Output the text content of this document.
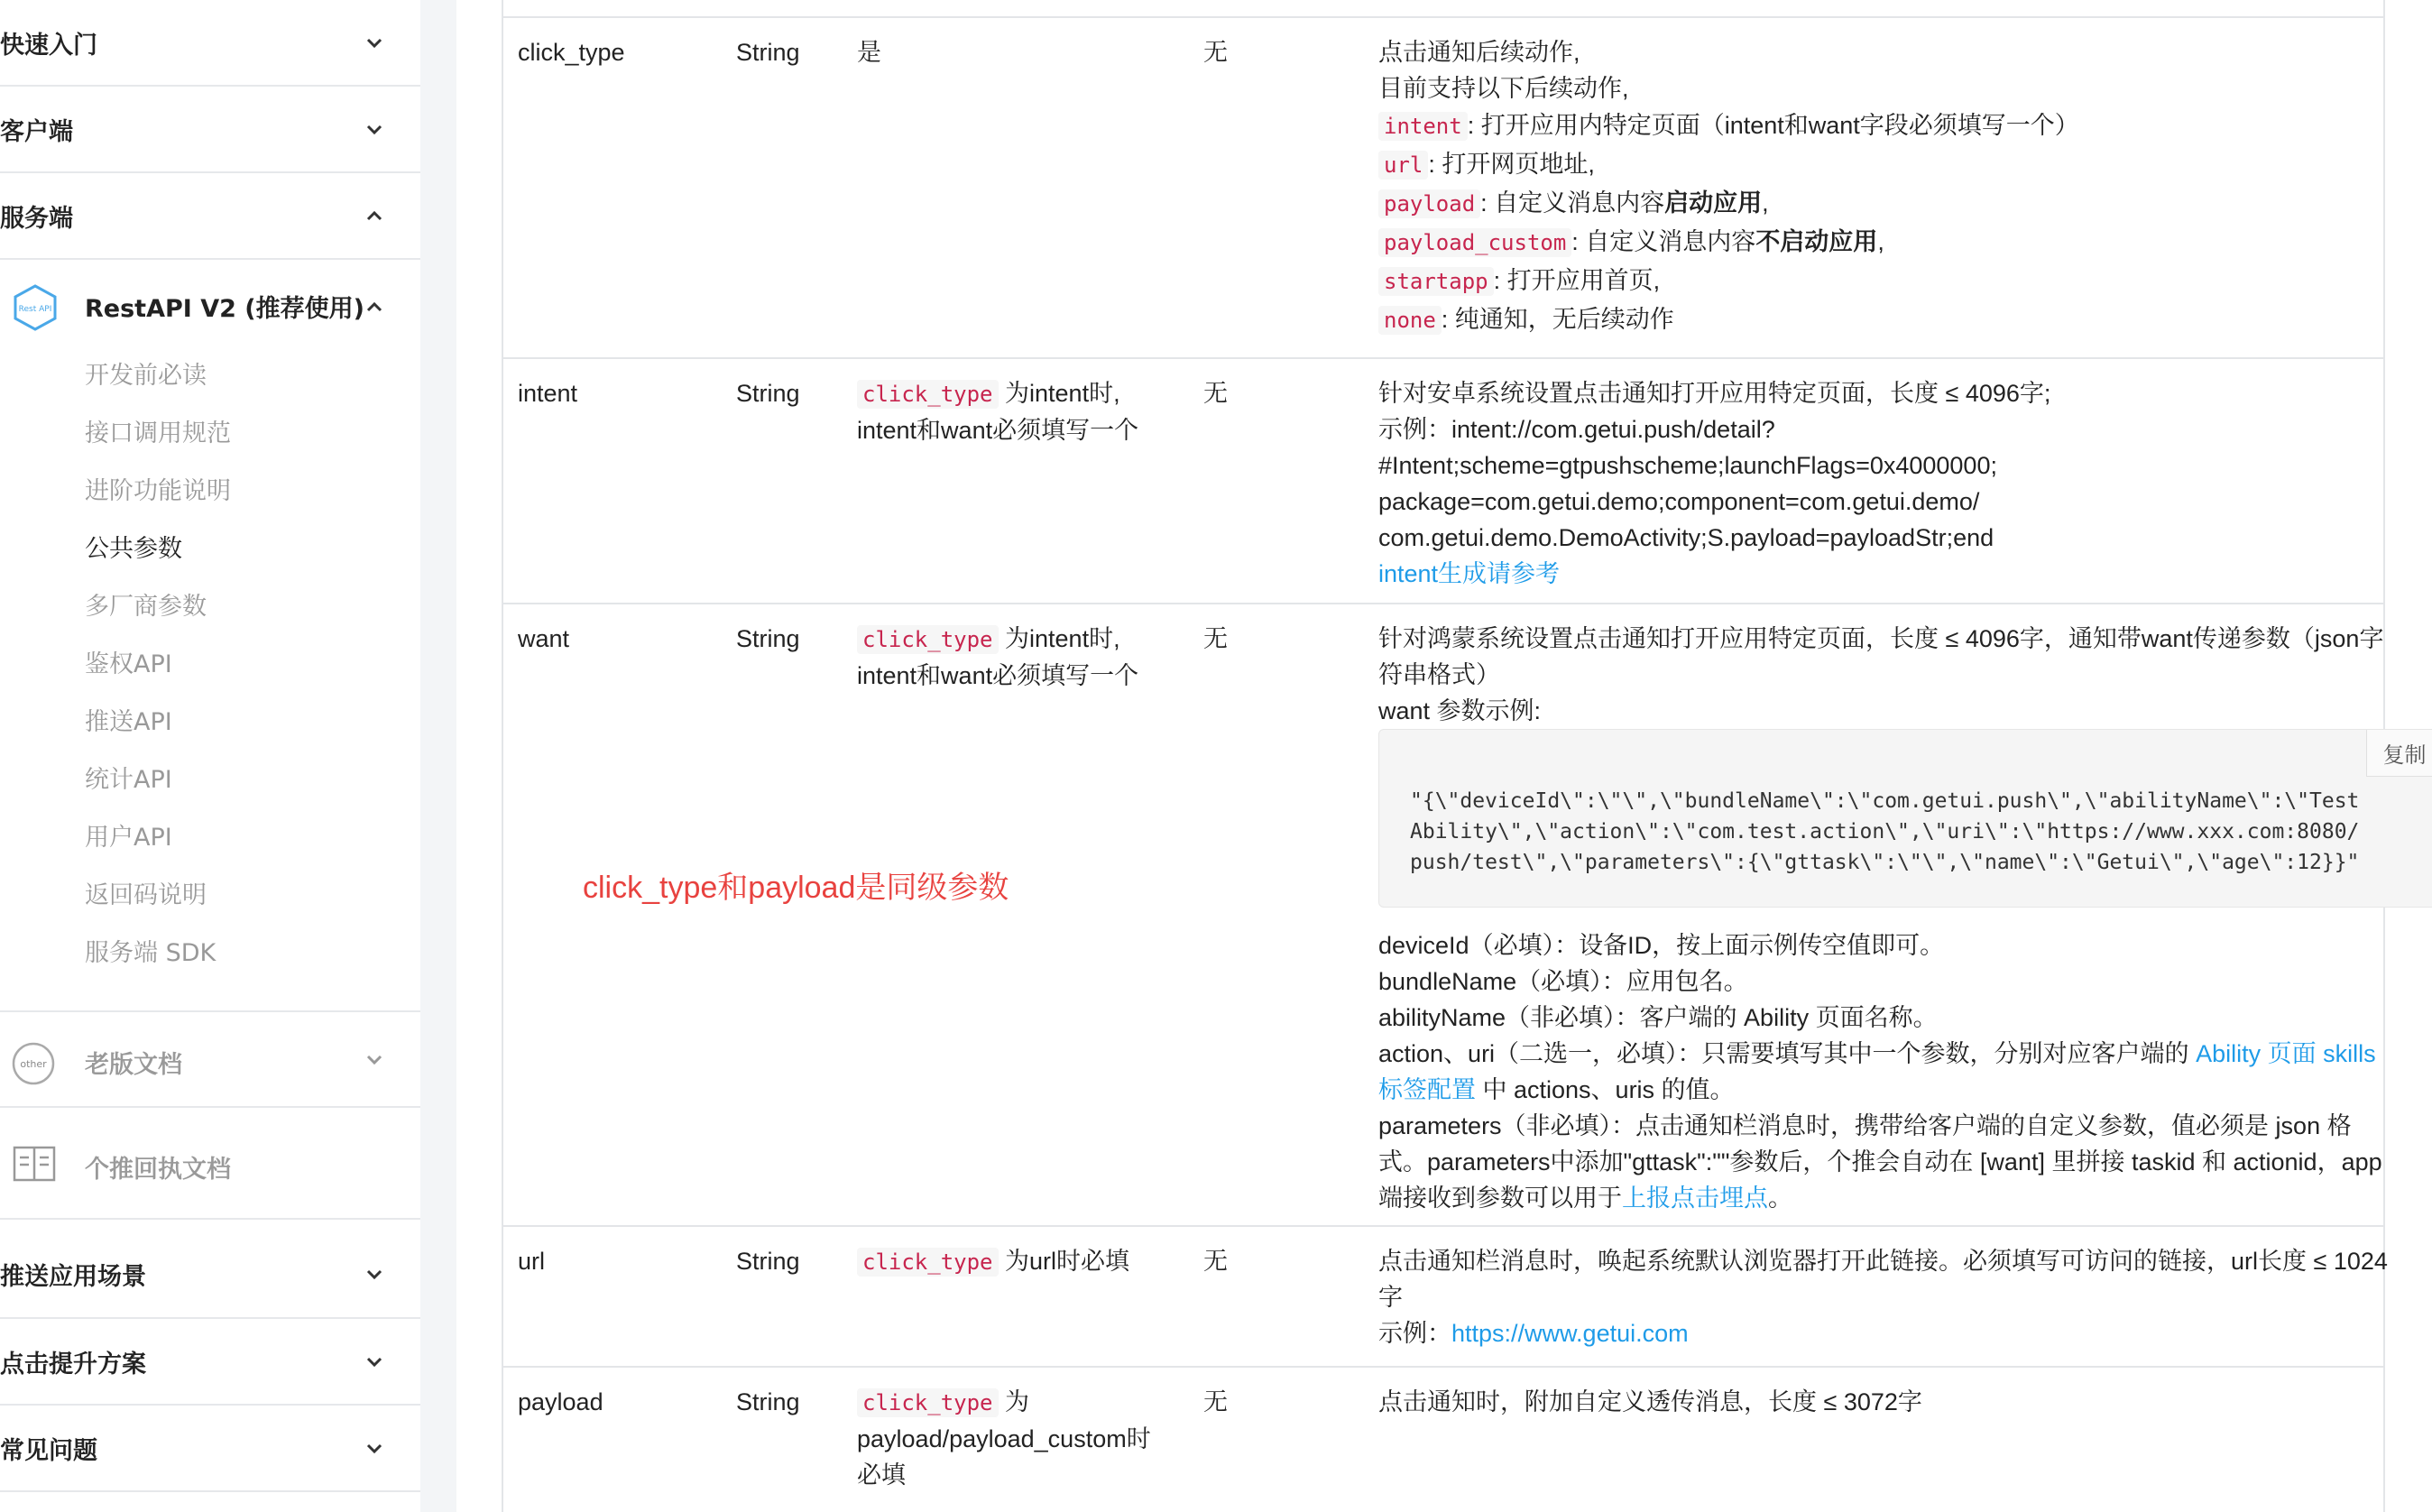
快速入门
客户端
服务端
Rest API RestAPI V2 (推荐使用)
开发前必读
接口调用规范
进阶功能说明
公共参数
多厂商参数
鉴权API
推送API
统计API
用户API
返回码说明
服务端 SDK
other 老版文档
个推回执文档
推送应用场景
点击提升方案
常见问题
click_type	String 是	无	点击通知后续动作,
目前支持以下后续动作,
intent : 打开应用内特定页面（intent和want字段必须填写一个）
url : 打开网页地址,
payload : 自定义消息内容启动应用,
payload_custom : 自定义消息内容不启动应用,
startapp : 打开应用首页,
none : 纯通知，无后续动作
intent	String	click_type 为intent时,
intent和want必须填写一个
无	针对安卓系统设置点击通知打开应用特定页面，长度 ≤ 4096字;
示例：intent://com.getui.push/detail?
#Intent;scheme=gtpushscheme;launchFlags=0x4000000;
package=com.getui.demo;component=com.getui.demo/
com.getui.demo.DemoActivity;S.payload=payloadStr;end
intent生成请参考
want	String	click_type 为intent时,
intent和want必须填写一个
无	针对鸿蒙系统设置点击通知打开应用特定页面，长度 ≤ 4096字，通知带want传递参数（json字
符串格式）
want 参数示例:
复制
"{\"deviceId\":\"\",\"bundleName\":\"com.getui.push\",\"abilityName\":\"Test
Ability\",\"action\":\"com.test.action\",\"uri\":\"https://www.xxx.com:8080/
push/test\",\"parameters\":{\"gttask\":\"\",\"name\":\"Getui\",\"age\":12}}"
deviceId（必填）：设备ID，按上面示例传空值即可。
bundleName（必填）：应用包名。
abilityName（非必填）：客户端的 Ability 页面名称。
action、uri（二选一，必填）：只需要填写其中一个参数，分别对应客户端的 Ability 页面 skills
标签配置 中 actions、uris 的值。
parameters（非必填）：点击通知栏消息时，携带给客户端的自定义参数，值必须是 json 格
式。parameters中添加"gttask":""参数后，个推会自动在 [want] 里拼接 taskid 和 actionid，app
端接收到参数可以用于上报点击埋点。
url	String	click_type 为url时必填	无	点击通知栏消息时，唤起系统默认浏览器打开此链接。必须填写可访问的链接，url长度 ≤ 1024
字
示例：https://www.getui.com
payload	String	click_type 为
payload/payload_custom时
必填
无	点击通知时，附加自定义透传消息，长度 ≤ 3072字
click_type和payload是同级参数
